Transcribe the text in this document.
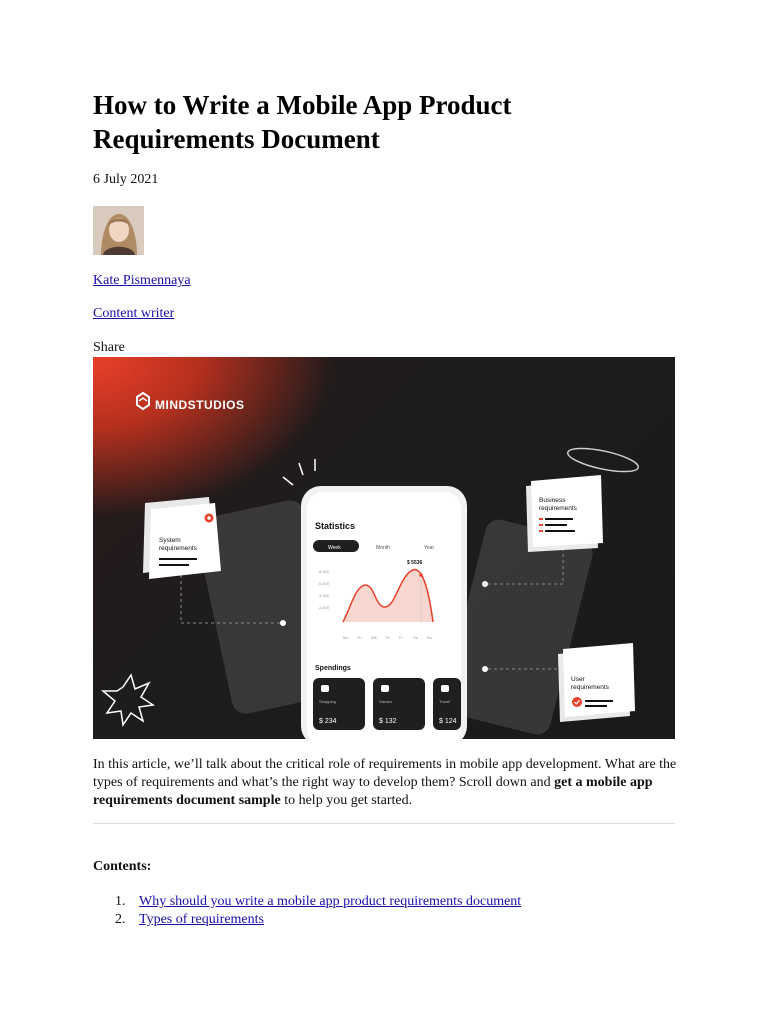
How to Write a Mobile App Product Requirements Document
6 July 2021
Kate Pismennaya
Content writer
Share
MINDSTUDIOS
Statistics
Week	Month	Year
8,000
6,000
4,000
2,000
$ 5536
Mo Tu We Th Fr	Sa Su
Spendings
Shopping	Games	Travel
$ 234	$ 132	$ 124
System
requirements
Business
requirements
User
requirements

In this article, we’ll talk about the critical role of requirements in mobile app development. What are the types of requirements and what’s the right way to develop them? Scroll down and get a mobile app requirements document sample to help you get started.

Contents:
1. Why should you write a mobile app product requirements document
2. Types of requirements
